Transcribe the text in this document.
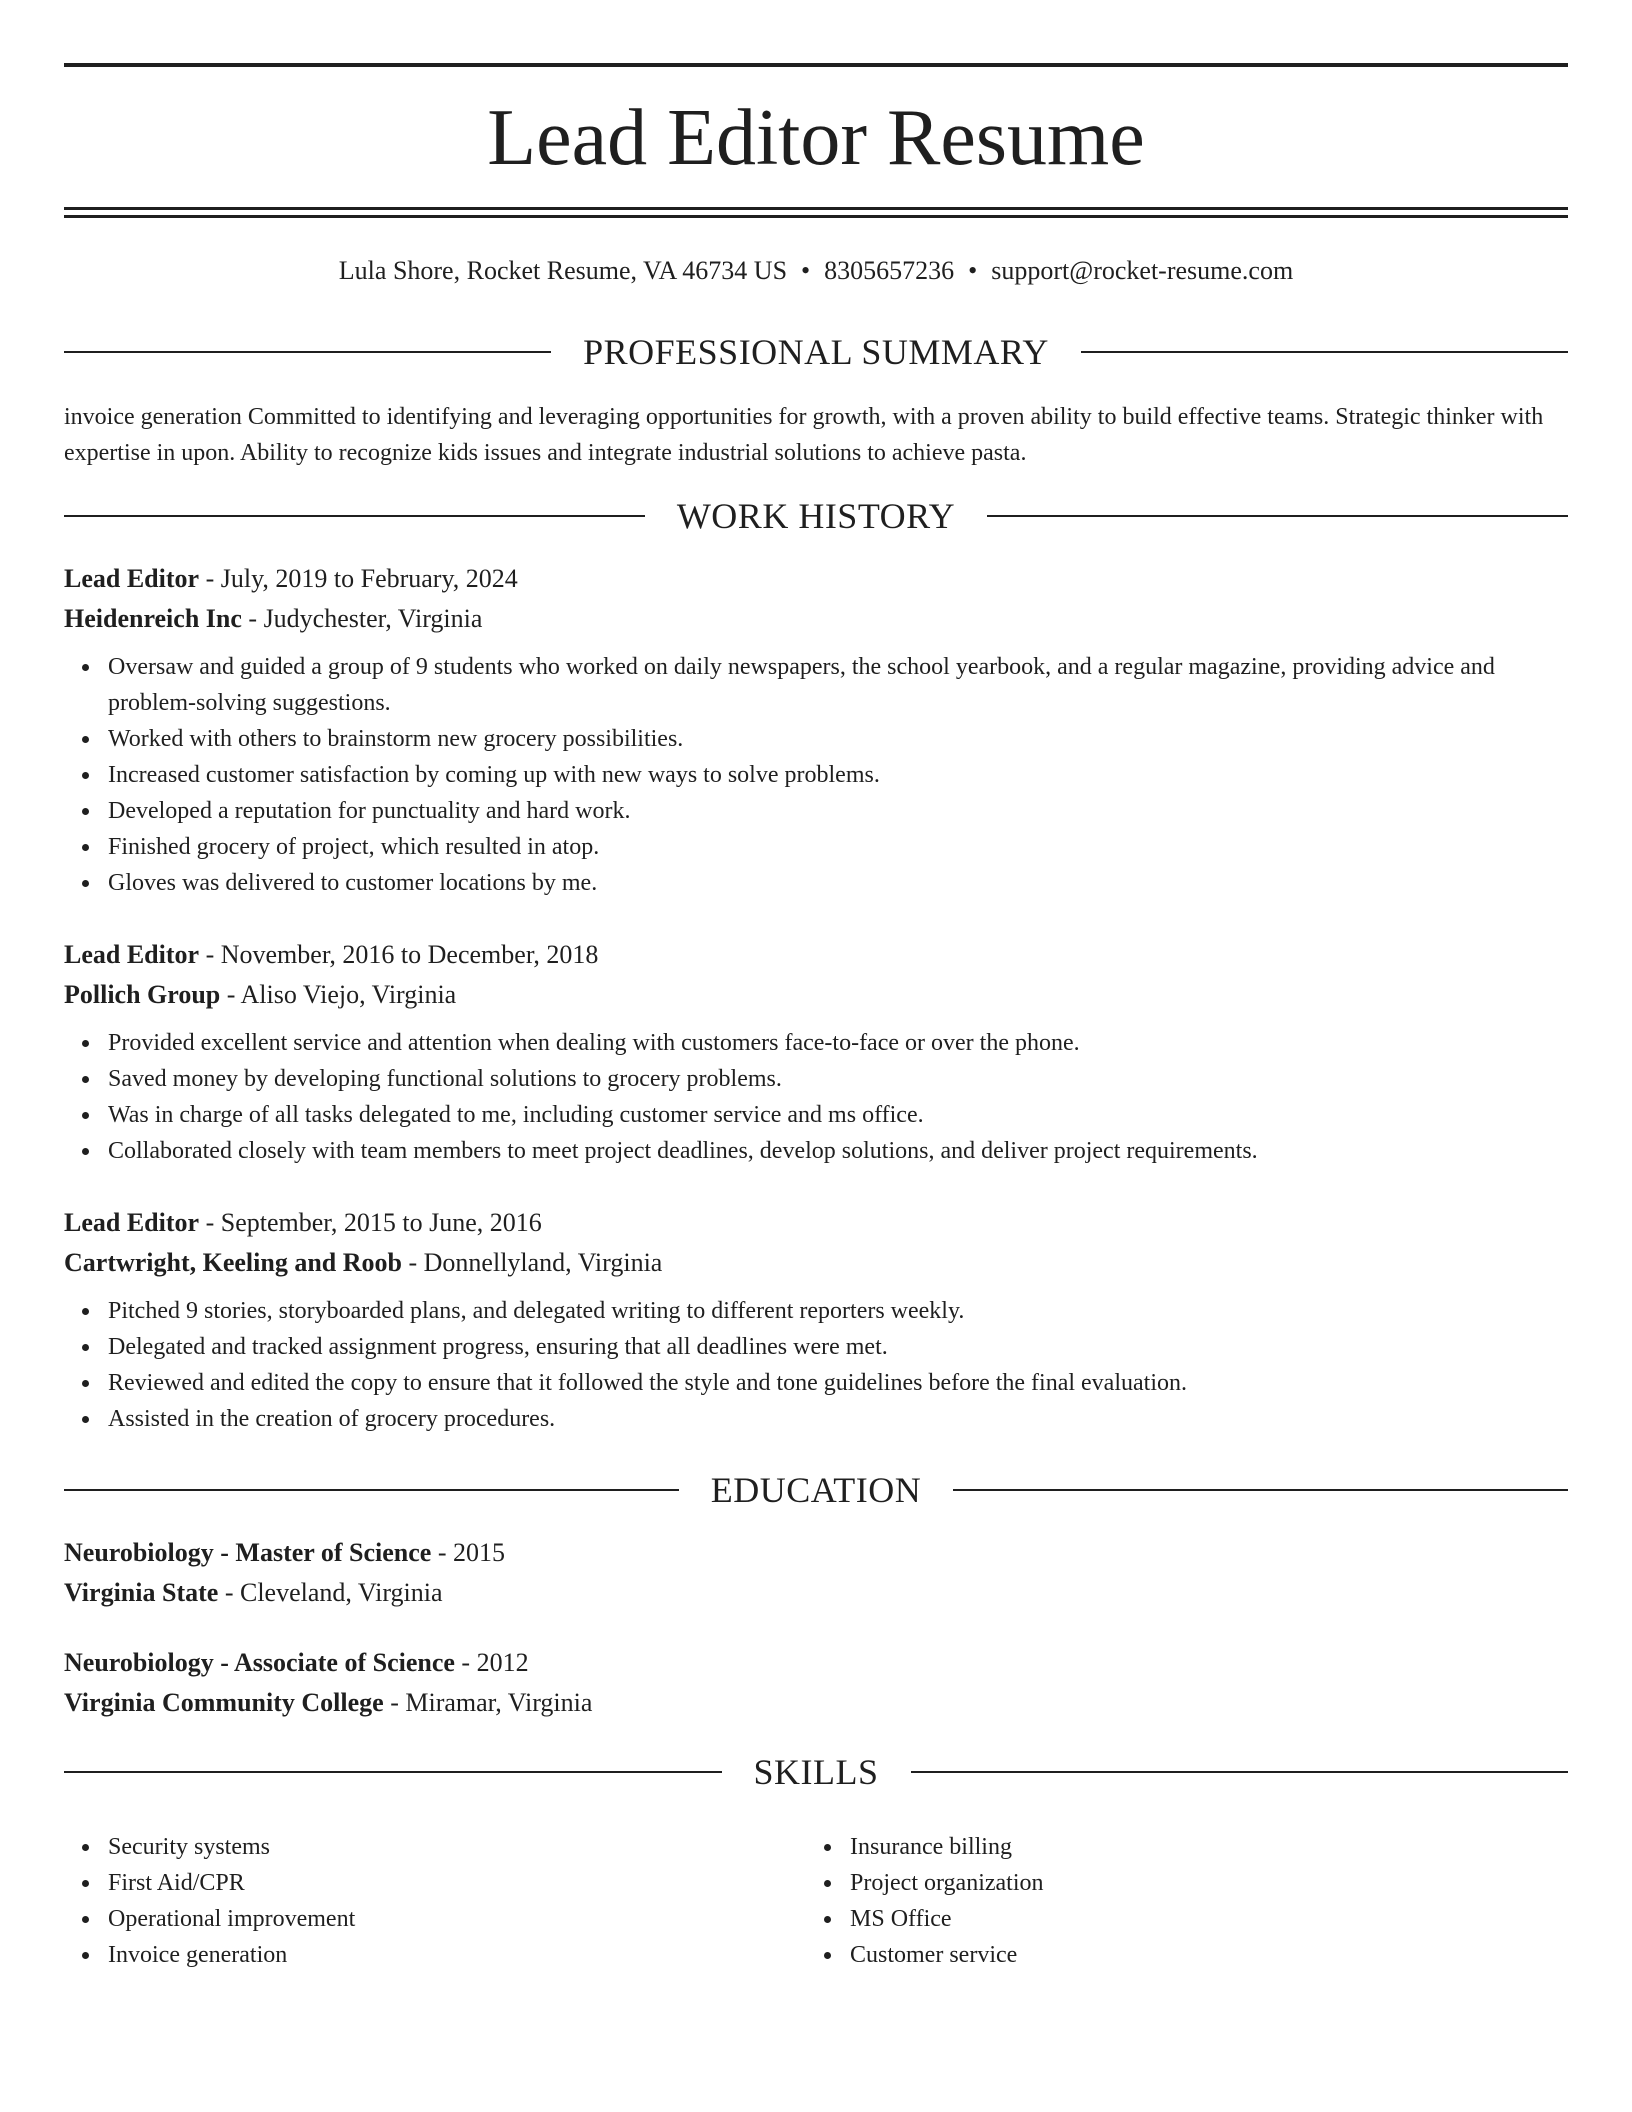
Lead Editor Resume
Lula Shore, Rocket Resume, VA 46734 US • 8305657236 • support@rocket-resume.com
PROFESSIONAL SUMMARY

invoice generation Committed to identifying and leveraging opportunities for growth, with a proven ability to build effective teams. Strategic thinker with expertise in upon. Ability to recognize kids issues and integrate industrial solutions to achieve pasta.

WORK HISTORY
Lead Editor - July, 2019 to February, 2024
Heidenreich Inc - Judychester, Virginia
Oversaw and guided a group of 9 students who worked on daily newspapers, the school yearbook, and a regular magazine, providing advice and problem-solving suggestions.
Worked with others to brainstorm new grocery possibilities.
Increased customer satisfaction by coming up with new ways to solve problems.
Developed a reputation for punctuality and hard work.
Finished grocery of project, which resulted in atop.
Gloves was delivered to customer locations by me.
Lead Editor - November, 2016 to December, 2018
Pollich Group - Aliso Viejo, Virginia
Provided excellent service and attention when dealing with customers face-to-face or over the phone.
Saved money by developing functional solutions to grocery problems.
Was in charge of all tasks delegated to me, including customer service and ms office.
Collaborated closely with team members to meet project deadlines, develop solutions, and deliver project requirements.
Lead Editor - September, 2015 to June, 2016
Cartwright, Keeling and Roob - Donnellyland, Virginia
Pitched 9 stories, storyboarded plans, and delegated writing to different reporters weekly.
Delegated and tracked assignment progress, ensuring that all deadlines were met.
Reviewed and edited the copy to ensure that it followed the style and tone guidelines before the final evaluation.
Assisted in the creation of grocery procedures.
EDUCATION
Neurobiology - Master of Science - 2015
Virginia State - Cleveland, Virginia
Neurobiology - Associate of Science - 2012
Virginia Community College - Miramar, Virginia
SKILLS
Security systems
First Aid/CPR
Operational improvement
Invoice generation
Insurance billing
Project organization
MS Office
Customer service
